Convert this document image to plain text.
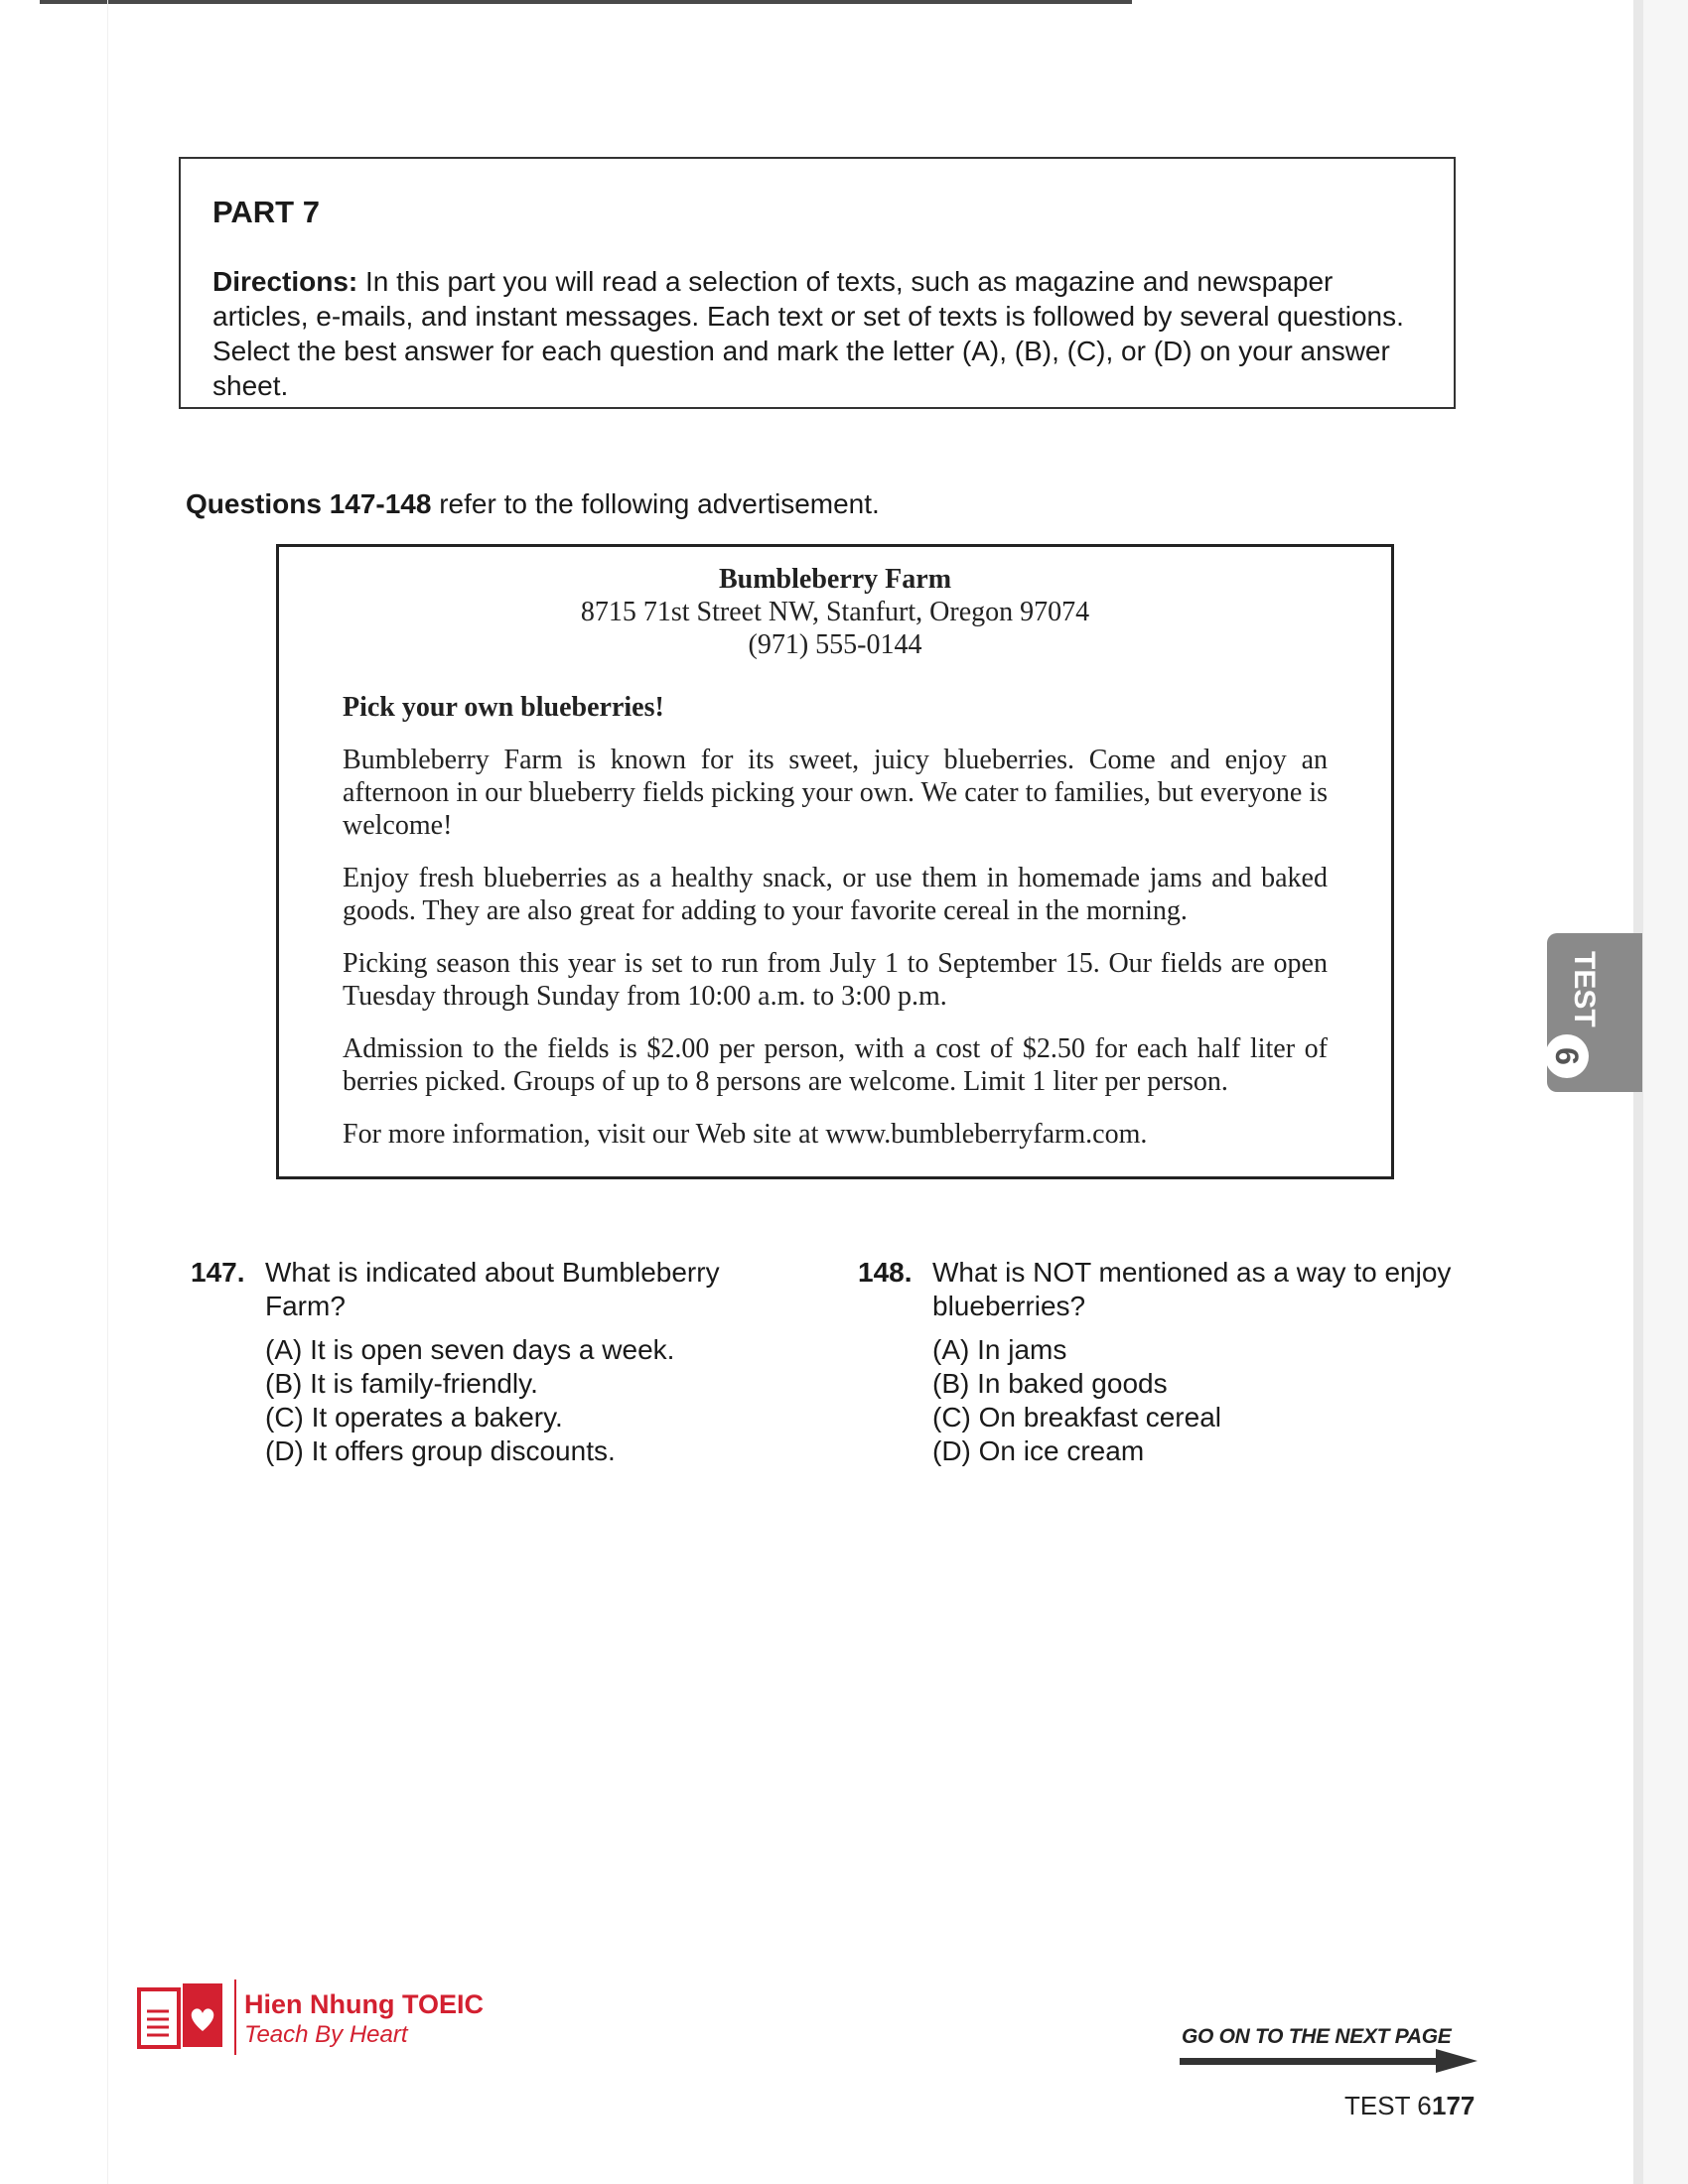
PART 7
Directions: In this part you will read a selection of texts, such as magazine and newspaper articles, e-mails, and instant messages. Each text or set of texts is followed by several questions. Select the best answer for each question and mark the letter (A), (B), (C), or (D) on your answer sheet.
Questions 147-148 refer to the following advertisement.
Bumbleberry Farm
8715 71st Street NW, Stanfurt, Oregon 97074
(971) 555-0144
Pick your own blueberries!
Bumbleberry Farm is known for its sweet, juicy blueberries. Come and enjoy an afternoon in our blueberry fields picking your own. We cater to families, but everyone is welcome!
Enjoy fresh blueberries as a healthy snack, or use them in homemade jams and baked goods. They are also great for adding to your favorite cereal in the morning.
Picking season this year is set to run from July 1 to September 15. Our fields are open Tuesday through Sunday from 10:00 a.m. to 3:00 p.m.
Admission to the fields is $2.00 per person, with a cost of $2.50 for each half liter of berries picked. Groups of up to 8 persons are welcome. Limit 1 liter per person.
For more information, visit our Web site at www.bumbleberryfarm.com.
147. What is indicated about Bumbleberry Farm?
(A) It is open seven days a week.
(B) It is family-friendly.
(C) It operates a bakery.
(D) It offers group discounts.
148. What is NOT mentioned as a way to enjoy blueberries?
(A) In jams
(B) In baked goods
(C) On breakfast cereal
(D) On ice cream
TEST
6
Hien Nhung TOEIC
Teach By Heart	GO ON TO THE NEXT PAGE
TEST 6 177
